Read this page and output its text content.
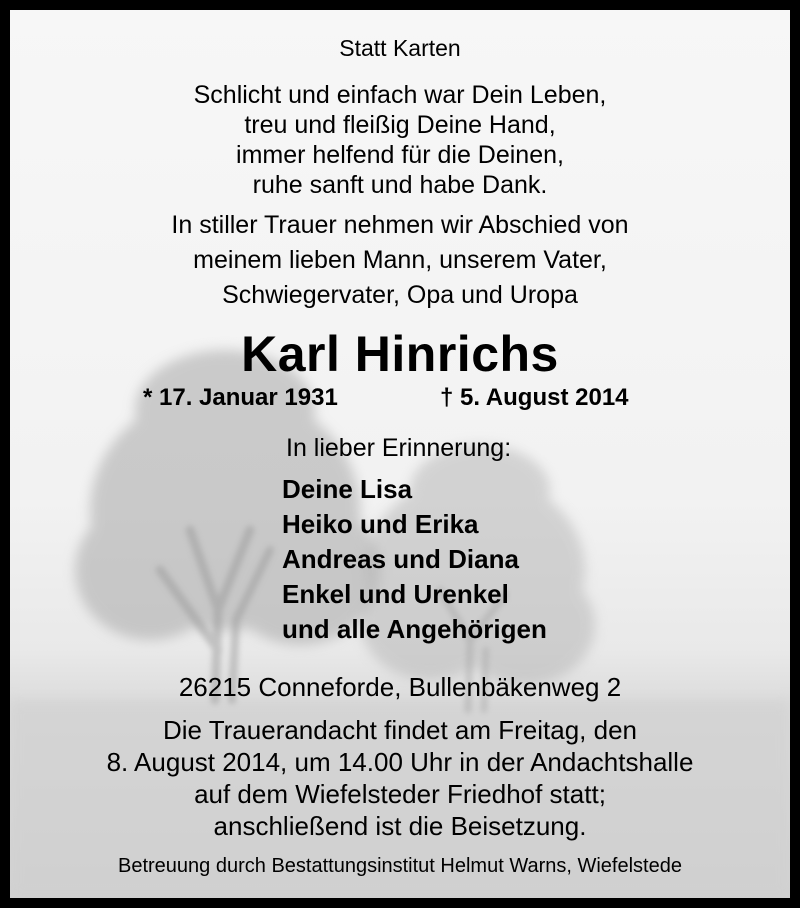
Statt Karten
Schlicht und einfach war Dein Leben,
treu und fleißig Deine Hand,
immer helfend für die Deinen,
ruhe sanft und habe Dank.
In stiller Trauer nehmen wir Abschied von
meinem lieben Mann, unserem Vater,
Schwiegervater, Opa und Uropa
Karl Hinrichs
* 17. Januar 1931	† 5. August 2014
In lieber Erinnerung:
Deine Lisa
Heiko und Erika
Andreas und Diana
Enkel und Urenkel
und alle Angehörigen
26215 Conneforde, Bullenbäkenweg 2
Die Trauerandacht findet am Freitag, den
8. August 2014, um 14.00 Uhr in der Andachtshalle
auf dem Wiefelsteder Friedhof statt;
anschließend ist die Beisetzung.
Betreuung durch Bestattungsinstitut Helmut Warns, Wiefelstede
